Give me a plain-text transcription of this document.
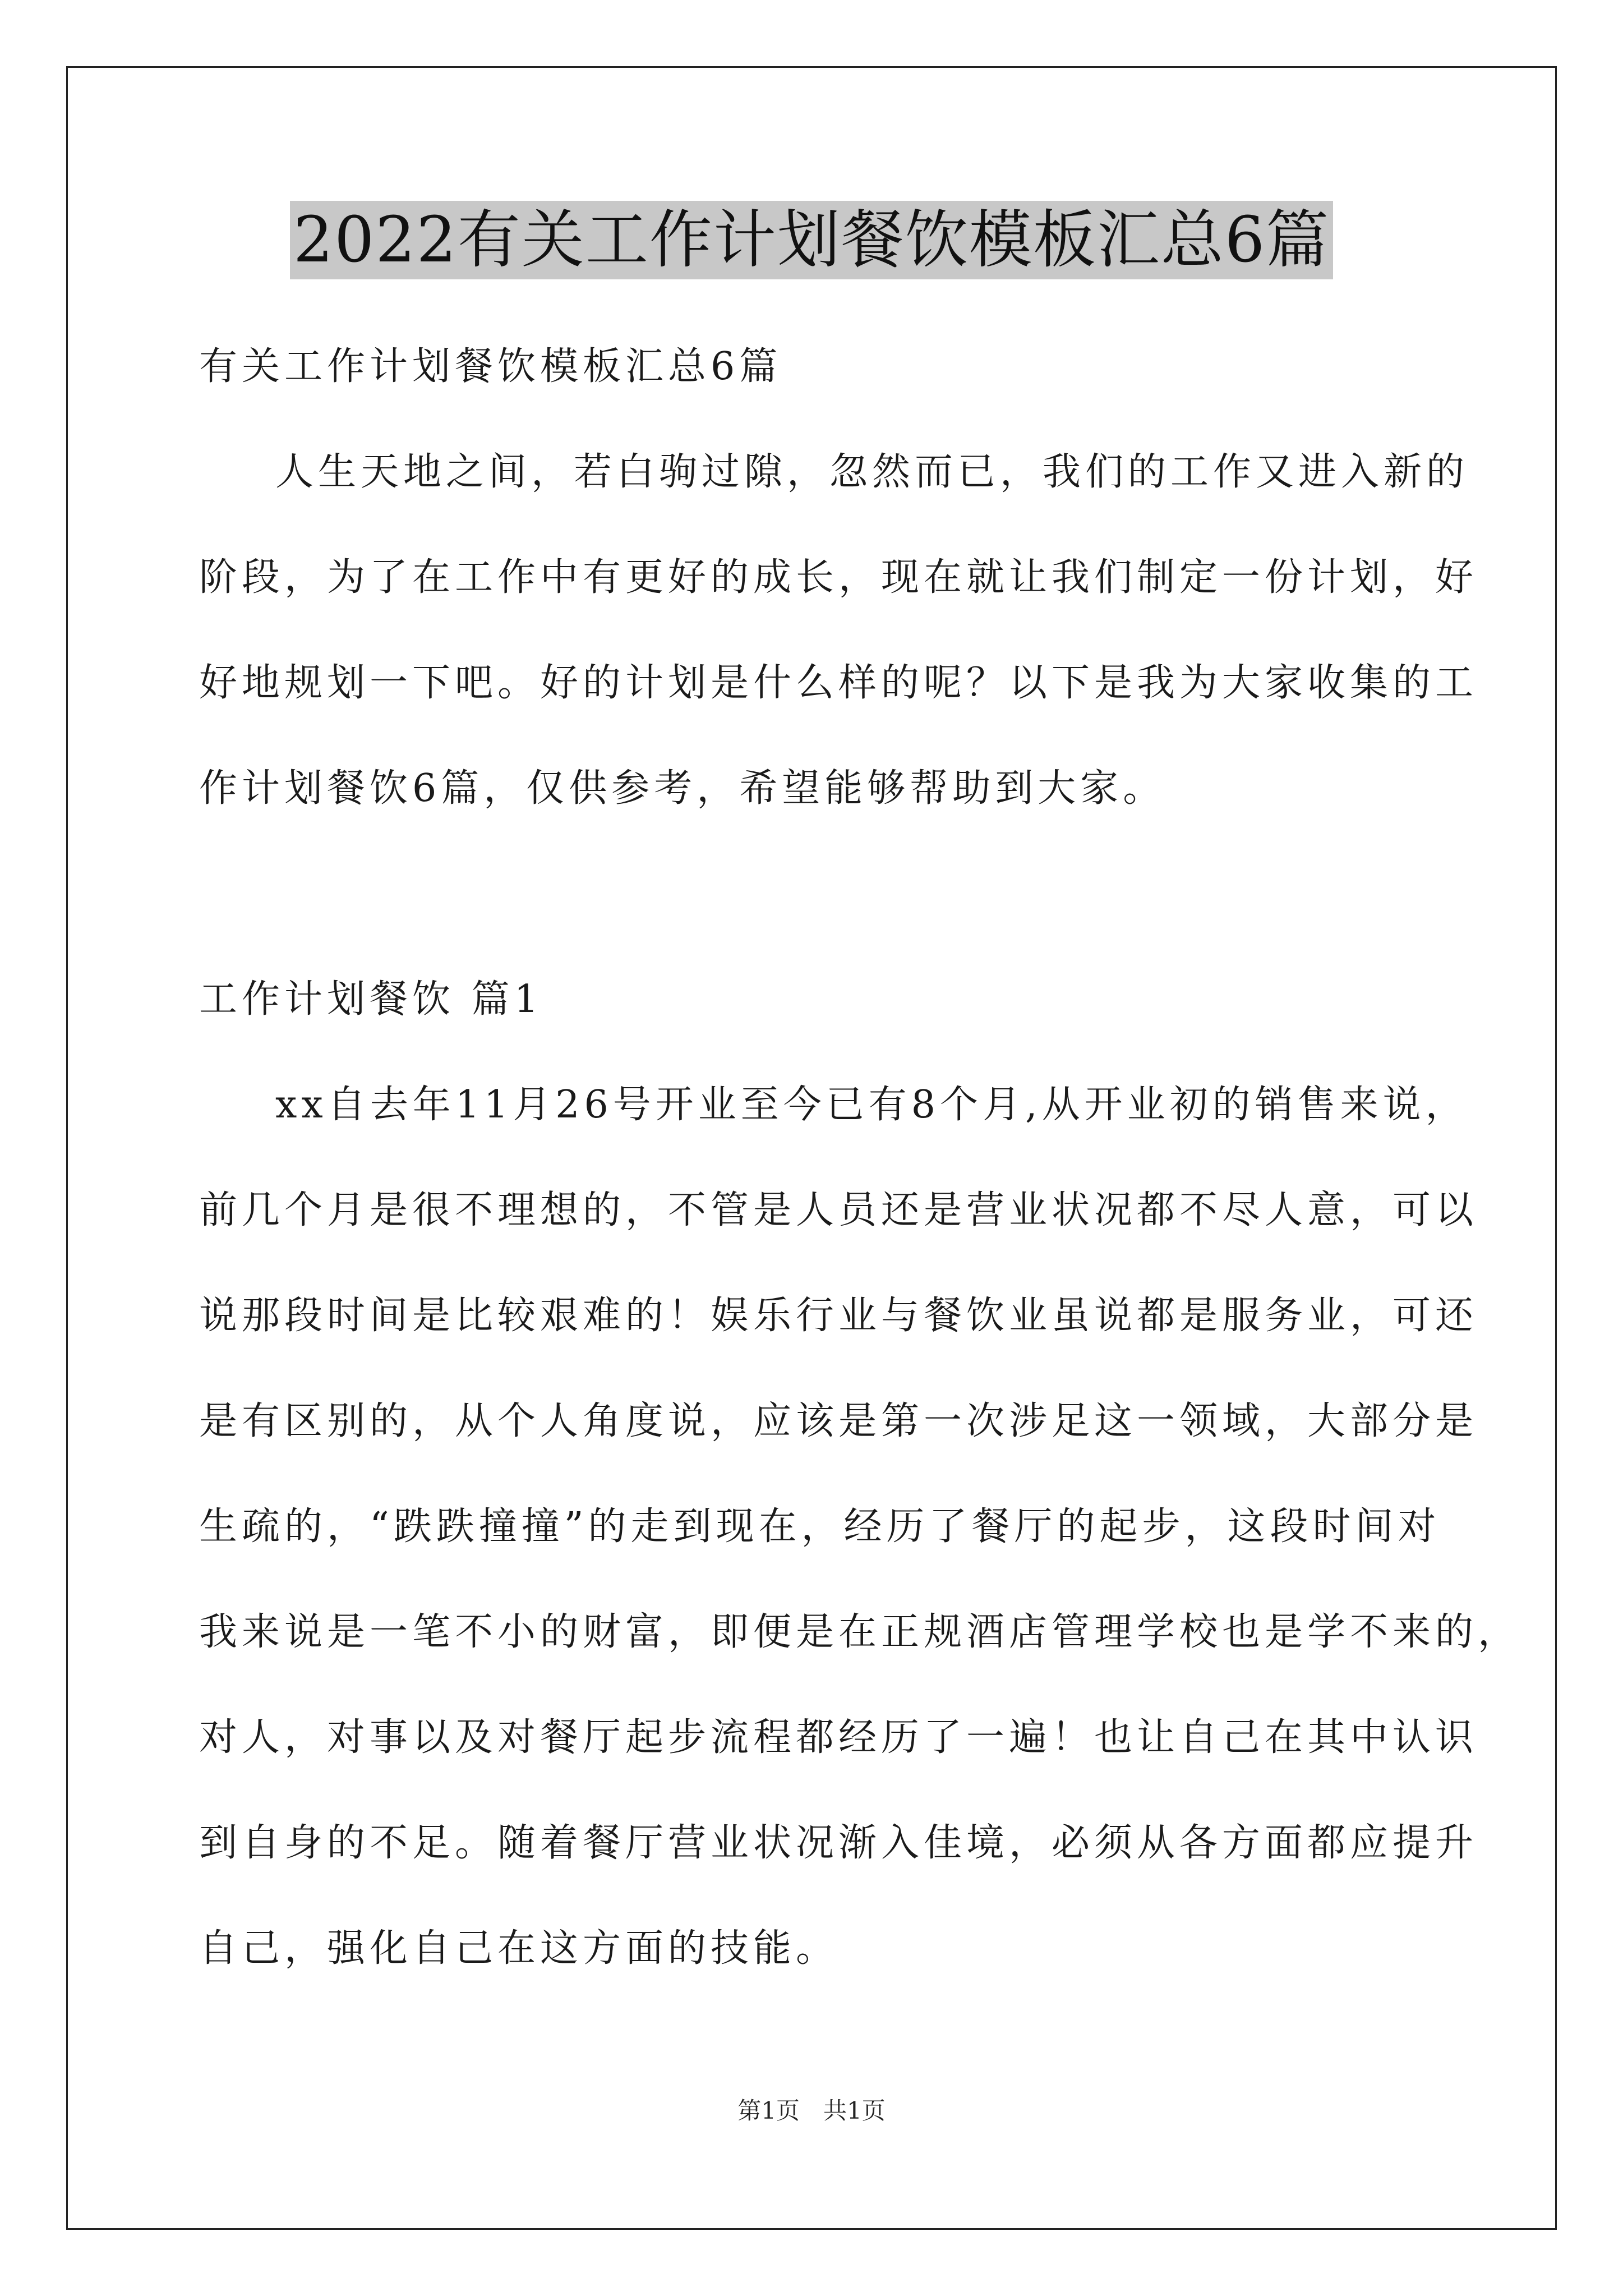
2022有关工作计划餐饮模板汇总6篇
有关工作计划餐饮模板汇总6篇
人生天地之间，若白驹过隙，忽然而已，我们的工作又进入新的
阶段，为了在工作中有更好的成长，现在就让我们制定一份计划，好
好地规划一下吧。好的计划是什么样的呢？以下是我为大家收集的工
作计划餐饮6篇，仅供参考，希望能够帮助到大家。
工作计划餐饮 篇1
xx自去年11月26号开业至今已有8个月,从开业初的销售来说，
前几个月是很不理想的，不管是人员还是营业状况都不尽人意，可以
说那段时间是比较艰难的！娱乐行业与餐饮业虽说都是服务业，可还
是有区别的，从个人角度说，应该是第一次涉足这一领域，大部分是
生疏的，“跌跌撞撞”的走到现在，经历了餐厅的起步，这段时间对
我来说是一笔不小的财富，即便是在正规酒店管理学校也是学不来的，
对人，对事以及对餐厅起步流程都经历了一遍！也让自己在其中认识
到自身的不足。随着餐厅营业状况渐入佳境，必须从各方面都应提升
自己，强化自己在这方面的技能。
第1页　共1页
